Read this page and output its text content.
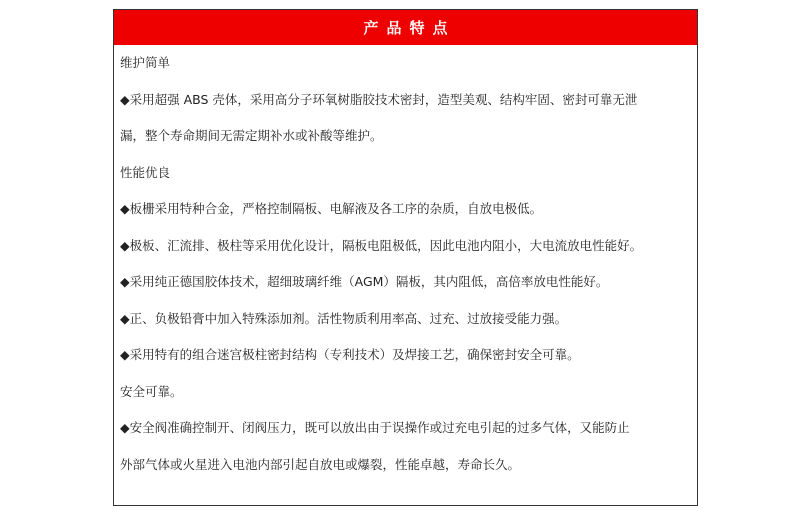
产品特点
维护简单
◆采用超强 ABS 壳体，采用高分子环氧树脂胶技术密封，造型美观、结构牢固、密封可靠无泄
漏，整个寿命期间无需定期补水或补酸等维护。
性能优良
◆板栅采用特种合金，严格控制隔板、电解液及各工序的杂质，自放电极低。
◆极板、汇流排、极柱等采用优化设计，隔板电阻极低，因此电池内阻小，大电流放电性能好。
◆采用纯正德国胶体技术，超细玻璃纤维（AGM）隔板，其内阻低，高倍率放电性能好。
◆正、负极铅膏中加入特殊添加剂。活性物质利用率高、过充、过放接受能力强。
◆采用特有的组合迷宫极柱密封结构（专利技术）及焊接工艺，确保密封安全可靠。
安全可靠。
◆安全阀准确控制开、闭阀压力，既可以放出由于误操作或过充电引起的过多气体，又能防止
外部气体或火星进入电池内部引起自放电或爆裂，性能卓越，寿命长久。
